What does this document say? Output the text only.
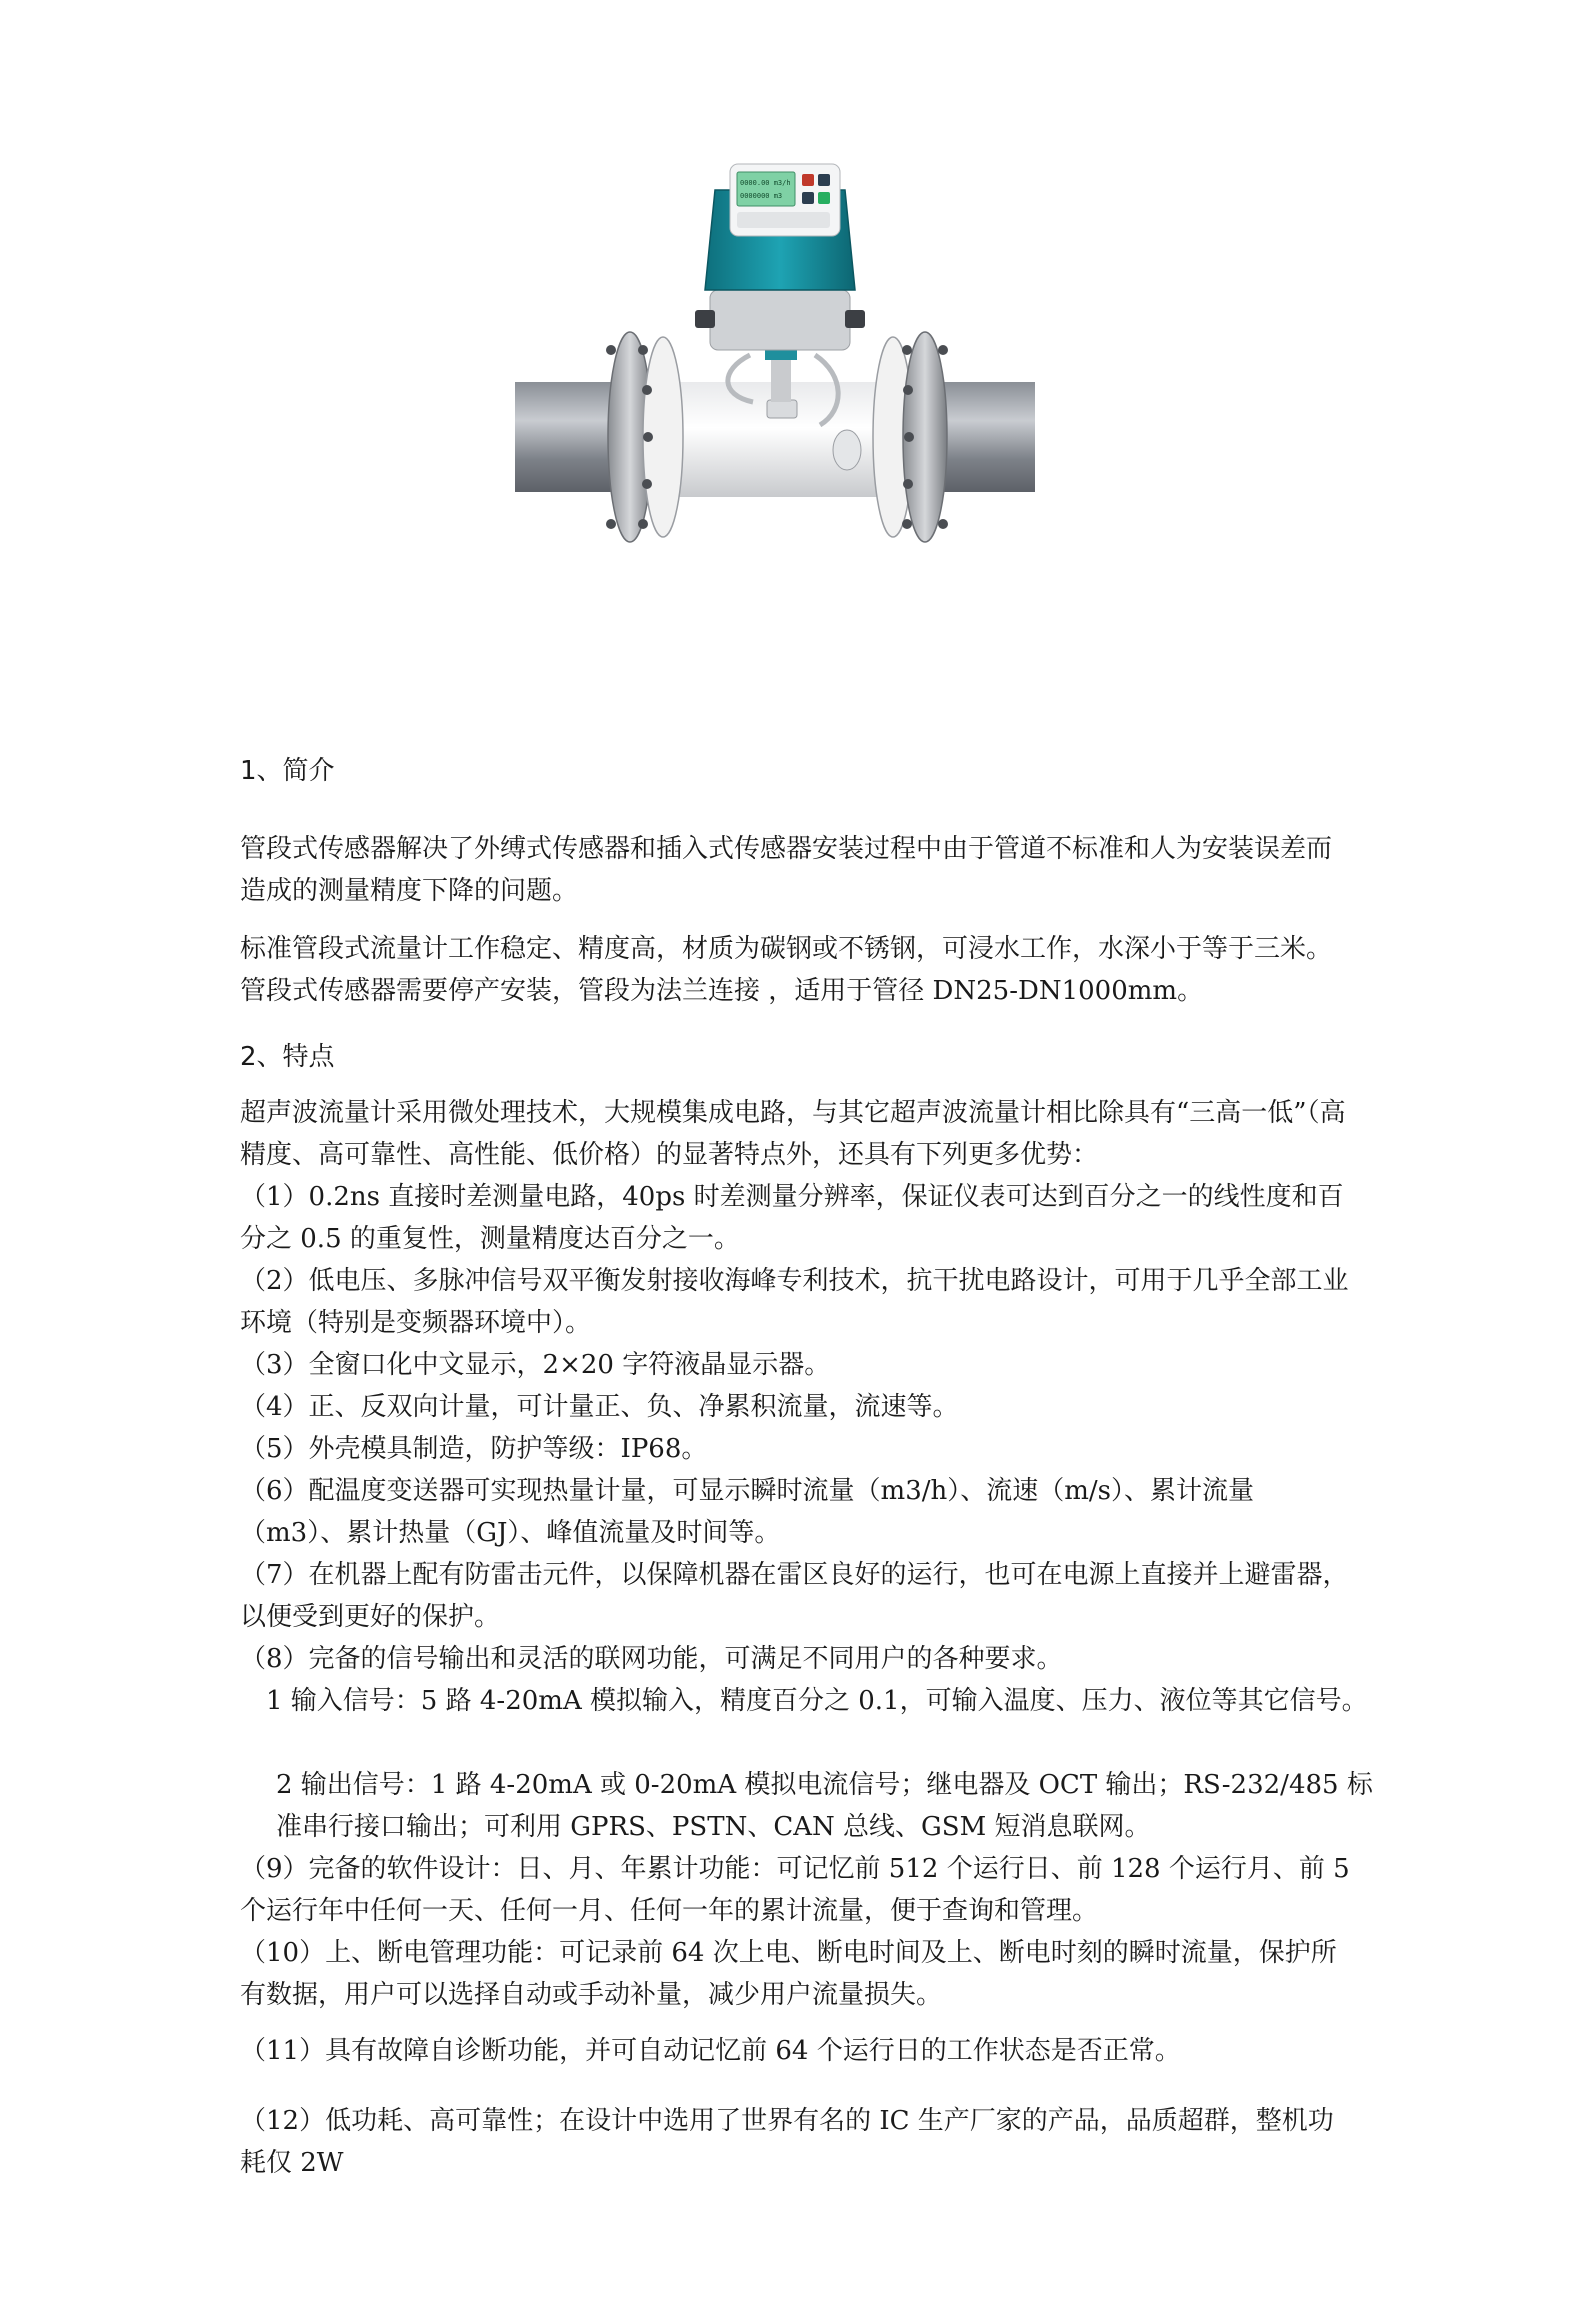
0000.00 m3/h
0000000 m3

1、简介

管段式传感器解决了外缚式传感器和插入式传感器安装过程中由于管道不标准和人为安装误差而造成的测量精度下降的问题。

标准管段式流量计工作稳定、精度高，材质为碳钢或不锈钢，可浸水工作，水深小于等于三米。管段式传感器需要停产安装，管段为法兰连接 ，适用于管径 DN25-DN1000mm。

2、特点

超声波流量计采用微处理技术，大规模集成电路，与其它超声波流量计相比除具有“三高一低”（高精度、高可靠性、高性能、低价格）的显著特点外，还具有下列更多优势：

（1）0.2ns 直接时差测量电路，40ps 时差测量分辨率，保证仪表可达到百分之一的线性度和百分之 0.5 的重复性，测量精度达百分之一。

（2）低电压、多脉冲信号双平衡发射接收海峰专利技术，抗干扰电路设计，可用于几乎全部工业环境（特别是变频器环境中）。

（3）全窗口化中文显示，2×20 字符液晶显示器。

（4）正、反双向计量，可计量正、负、净累积流量，流速等。

（5）外壳模具制造，防护等级：IP68。

（6）配温度变送器可实现热量计量，可显示瞬时流量（m3/h）、流速（m/s）、累计流量（m3）、累计热量（GJ）、峰值流量及时间等。

（7）在机器上配有防雷击元件，以保障机器在雷区良好的运行，也可在电源上直接并上避雷器，以便受到更好的保护。

（8）完备的信号输出和灵活的联网功能，可满足不同用户的各种要求。

1 输入信号：5 路 4-20mA 模拟输入，精度百分之 0.1，可输入温度、压力、液位等其它信号。

2 输出信号：1 路 4-20mA 或 0-20mA 模拟电流信号；继电器及 OCT 输出；RS-232/485 标准串行接口输出；可利用 GPRS、PSTN、CAN 总线、GSM 短消息联网。

（9）完备的软件设计：日、月、年累计功能：可记忆前 512 个运行日、前 128 个运行月、前 5 个运行年中任何一天、任何一月、任何一年的累计流量，便于查询和管理。

（10）上、断电管理功能：可记录前 64 次上电、断电时间及上、断电时刻的瞬时流量，保护所有数据，用户可以选择自动或手动补量，减少用户流量损失。

（11）具有故障自诊断功能，并可自动记忆前 64 个运行日的工作状态是否正常。

（12）低功耗、高可靠性；在设计中选用了世界有名的 IC 生产厂家的产品，品质超群，整机功耗仅 2W
